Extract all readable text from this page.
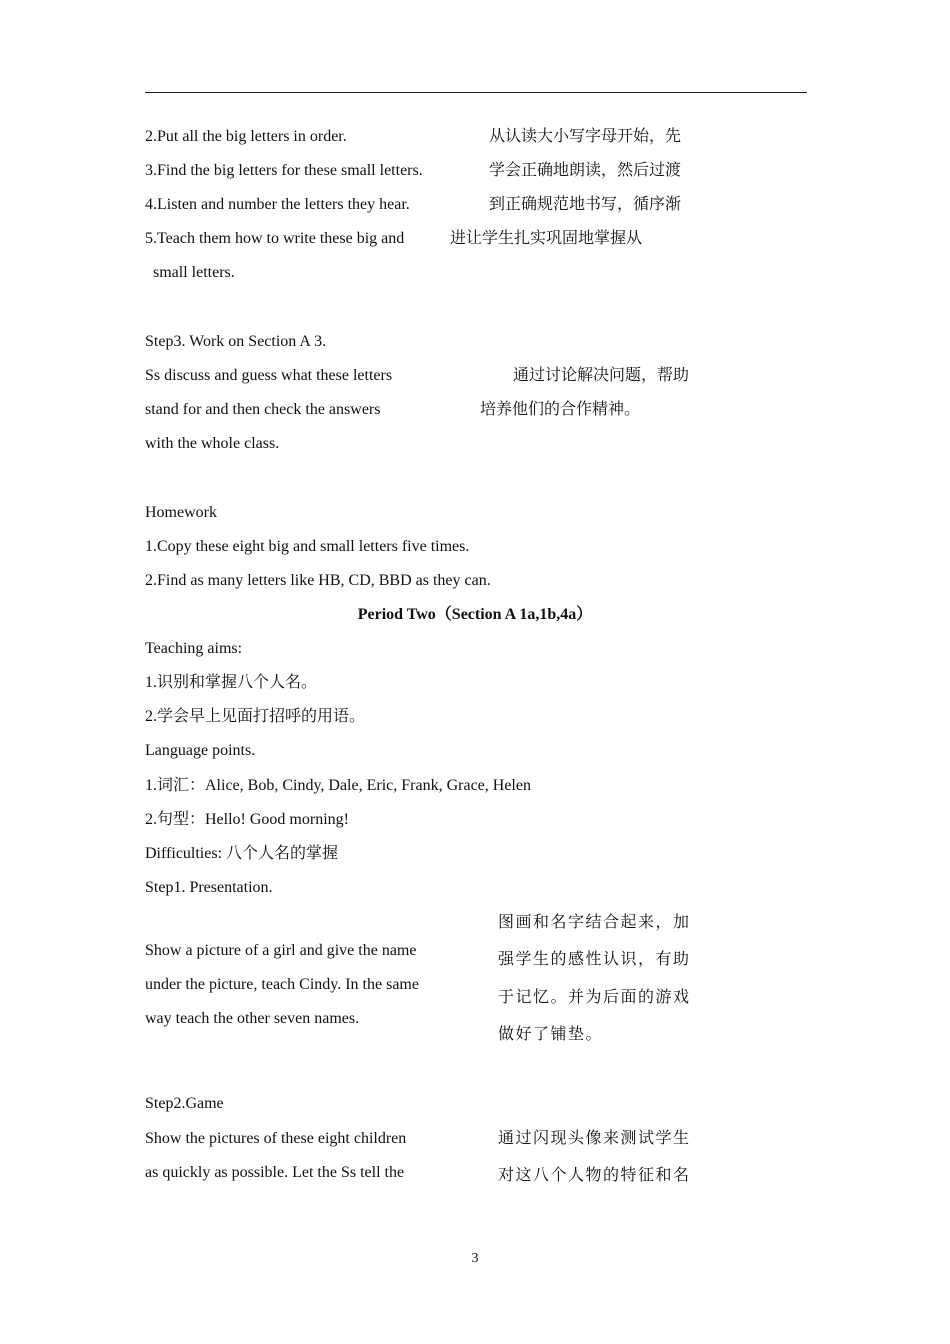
2.Put all the big letters in order.
3.Find the big letters for these small letters.
4.Listen and number the letters they hear.
5.Teach them how to write these big and
small letters.
从认读大小写字母开始，先
学会正确地朗读，然后过渡
到正确规范地书写，循序渐
进让学生扎实巩固地掌握从
Step3. Work on Section A 3.
Ss discuss and guess what these letters
stand for and then check the answers
with the whole class.
通过讨论解决问题，帮助
培养他们的合作精神。
Homework
1.Copy these eight big and small letters five times.
2.Find as many letters like HB, CD, BBD as they can.
Period Two（Section A 1a,1b,4a）
Teaching aims:
1.识别和掌握八个人名。
2.学会早上见面打招呼的用语。
Language points.
1.词汇：Alice, Bob, Cindy, Dale, Eric, Frank, Grace, Helen
2.句型：Hello! Good morning!
Difficulties: 八个人名的掌握
Step1. Presentation.
Show a picture of a girl and give the name
under the picture, teach Cindy. In the same
way teach the other seven names.
图画和名字结合起来，加
强学生的感性认识，有助
于记忆。并为后面的游戏
做好了铺垫。
Step2.Game
Show the pictures of these eight children
as quickly as possible. Let the Ss tell the
通过闪现头像来测试学生
对这八个人物的特征和名
3
